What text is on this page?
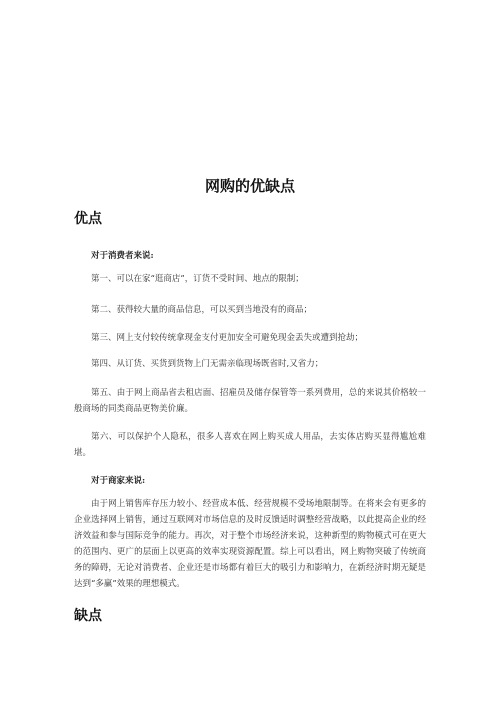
网购的优缺点
优点
对于消费者来说:

第一、可以在家“逛商店”，订货不受时间、地点的限制；

第二、获得较大量的商品信息，可以买到当地没有的商品；

第三、网上支付较传统拿现金支付更加安全可避免现金丢失或遭到抢劫；

第四、从订货、买货到货物上门无需亲临现场既省时,又省力；

第五、由于网上商品省去租店面、招雇员及储存保管等一系列费用，总的来说其价格较一般商场的同类商品更物美价廉。

第六、可以保护个人隐私，很多人喜欢在网上购买成人用品，去实体店购买显得尴尬难堪。

对于商家来说:

由于网上销售库存压力较小、经营成本低、经营规模不受场地限制等。在将来会有更多的企业选择网上销售，通过互联网对市场信息的及时反馈适时调整经营战略，以此提高企业的经济效益和参与国际竞争的能力。再次，对于整个市场经济来说，这种新型的购物模式可在更大的范围内、更广的层面上以更高的效率实现资源配置。综上可以看出，网上购物突破了传统商务的障碍，无论对消费者、企业还是市场都有着巨大的吸引力和影响力，在新经济时期无疑是达到“多赢”效果的理想模式。

缺点
